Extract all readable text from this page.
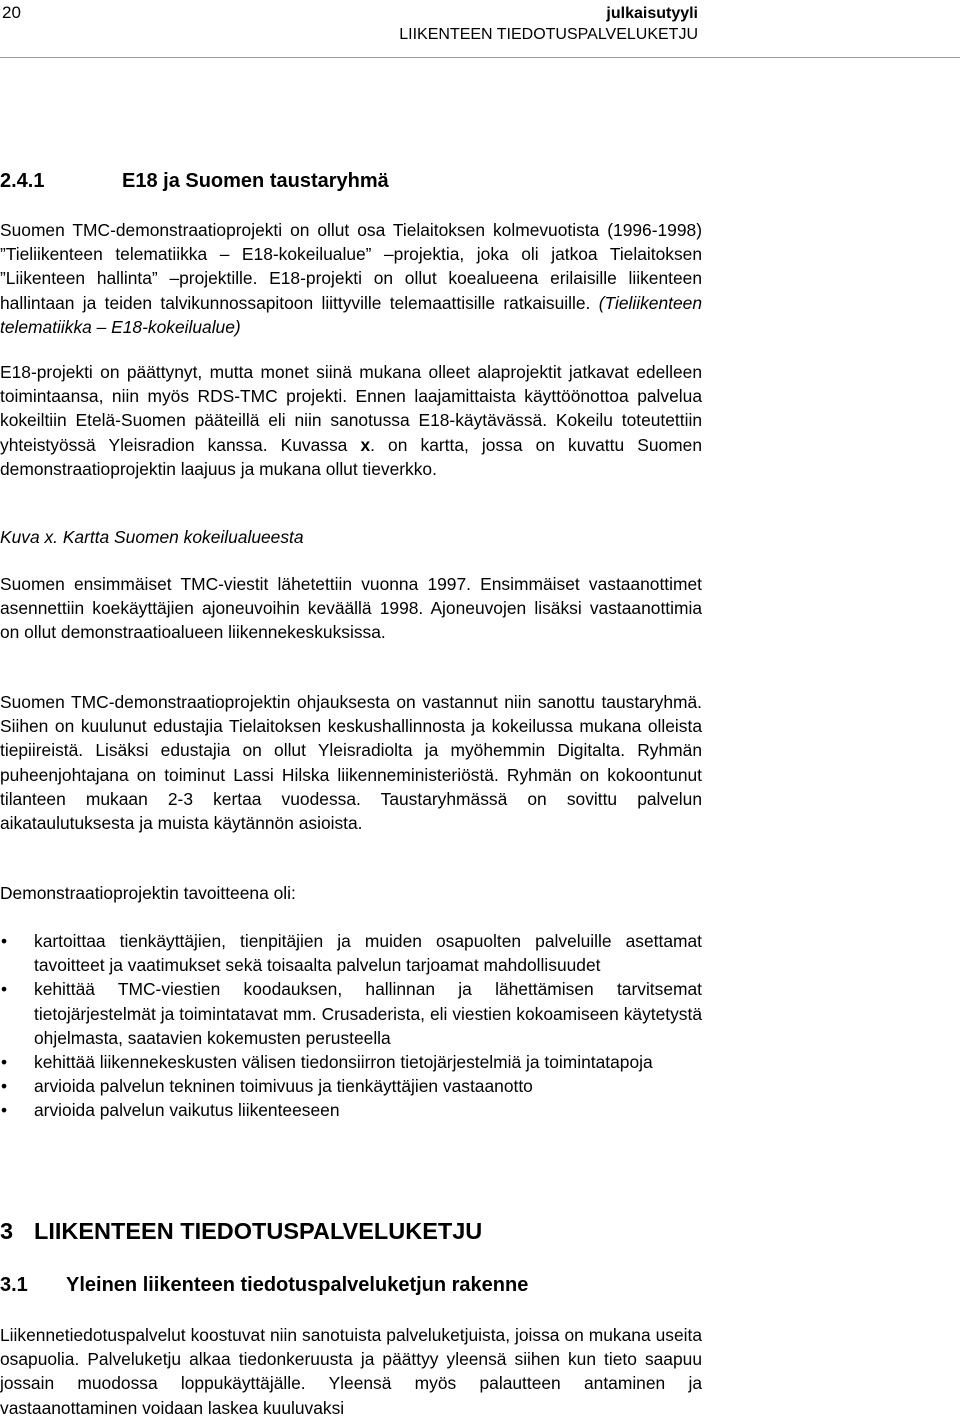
20	julkaisutyyli
LIIKENTEEN TIEDOTUSPALVELUKETJU
2.4.1	E18 ja Suomen taustaryhmä

Suomen TMC-demonstraatioprojekti on ollut osa Tielaitoksen kolmevuotista (1996-1998) ”Tieliikenteen telematiikka – E18-kokeilualue” –projektia, joka oli jatkoa Tielaitoksen ”Liikenteen hallinta” –projektille. E18-projekti on ollut koealueena erilaisille liikenteen hallintaan ja teiden talvikunnossapitoon liittyville telemaattisille ratkaisuille. (Tieliikenteen telematiikka – E18-kokeilualue)

E18-projekti on päättynyt, mutta monet siinä mukana olleet alaprojektit jatkavat edelleen toimintaansa, niin myös RDS-TMC projekti. Ennen laajamittaista käyttöönottoa palvelua kokeiltiin Etelä-Suomen pääteillä eli niin sanotussa E18-käytävässä. Kokeilu toteutettiin yhteistyössä Yleisradion kanssa. Kuvassa x. on kartta, jossa on kuvattu Suomen demonstraatioprojektin laajuus ja mukana ollut tieverkko.

Kuva x. Kartta Suomen kokeilualueesta
Suomen ensimmäiset TMC-viestit lähetettiin vuonna 1997. Ensimmäiset vastaanottimet asennettiin koekäyttäjien ajoneuvoihin keväällä 1998. Ajoneuvojen lisäksi vastaanottimia on ollut demonstraatioalueen liikennekeskuksissa.
Suomen TMC-demonstraatioprojektin ohjauksesta on vastannut niin sanottu taustaryhmä. Siihen on kuulunut edustajia Tielaitoksen keskushallinnosta ja kokeilussa mukana olleista tiepiireistä. Lisäksi edustajia on ollut Yleisradiolta ja myöhemmin Digitalta. Ryhmän puheenjohtajana on toiminut Lassi Hilska liikenneministeriöstä. Ryhmän on kokoontunut tilanteen mukaan 2-3 kertaa vuodessa. Taustaryhmässä on sovittu palvelun aikataulutuksesta ja muista käytännön asioista.
Demonstraatioprojektin tavoitteena oli:
• kartoittaa tienkäyttäjien, tienpitäjien ja muiden osapuolten palveluille asettamat tavoitteet ja vaatimukset sekä toisaalta palvelun tarjoamat mahdollisuudet
• kehittää TMC-viestien koodauksen, hallinnan ja lähettämisen tarvitsemat tietojärjestelmät ja toimintatavat mm. Crusaderista, eli viestien kokoamiseen käytetystä ohjelmasta, saatavien kokemusten perusteella
• kehittää liikennekeskusten välisen tiedonsiirron tietojärjestelmiä ja toimintatapoja
• arvioida palvelun tekninen toimivuus ja tienkäyttäjien vastaanotto
• arvioida palvelun vaikutus liikenteeseen
3 LIIKENTEEN TIEDOTUSPALVELUKETJU
3.1 Yleinen liikenteen tiedotuspalveluketjun rakenne
Liikennetiedotuspalvelut koostuvat niin sanotuista palveluketjuista, joissa on mukana useita osapuolia. Palveluketju alkaa tiedonkeruusta ja päättyy yleensä siihen kun tieto saapuu jossain muodossa loppukäyttäjälle. Yleensä myös palautteen antaminen ja vastaanottaminen voidaan laskea kuuluvaksi
